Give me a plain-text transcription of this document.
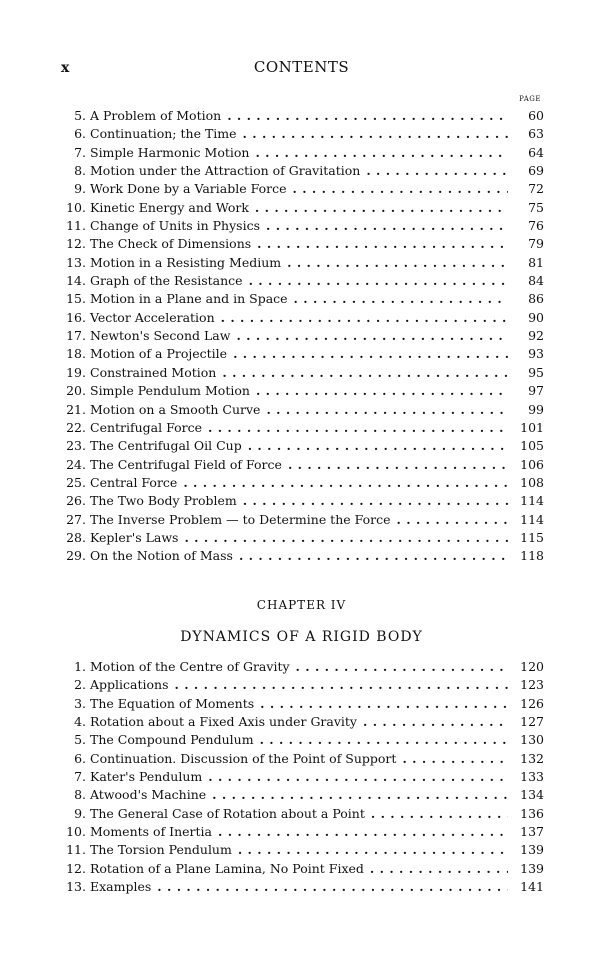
x	CONTENTS
PAGE
5. A Problem of Motion . . .	60
6. Continuation; the Time . . .	63
7. Simple Harmonic Motion . . .	64
8. Motion under the Attraction of Gravitation . . .	69
9. Work Done by a Variable Force . . .	72
10. Kinetic Energy and Work . . .	75
11. Change of Units in Physics . . .	76
12. The Check of Dimensions . . .	79
13. Motion in a Resisting Medium . . .	81
14. Graph of the Resistance . . .	84
15. Motion in a Plane and in Space . . .	86
16. Vector Acceleration . . .	90
17. Newton's Second Law . . .	92
18. Motion of a Projectile . . .	93
19. Constrained Motion . . .	95
20. Simple Pendulum Motion . . .	97
21. Motion on a Smooth Curve . . .	99
22. Centrifugal Force . . .	101
23. The Centrifugal Oil Cup . . .	105
24. The Centrifugal Field of Force . . .	106
25. Central Force . . .	108
26. The Two Body Problem . . .	114
27. The Inverse Problem — to Determine the Force . . .	114
28. Kepler's Laws . . .	115
29. On the Notion of Mass . . .	118
CHAPTER IV
DYNAMICS OF A RIGID BODY
1. Motion of the Centre of Gravity . . .	120
2. Applications . . .	123
3. The Equation of Moments . . .	126
4. Rotation about a Fixed Axis under Gravity . . .	127
5. The Compound Pendulum . . .	130
6. Continuation. Discussion of the Point of Support . . .	132
7. Kater's Pendulum . . .	133
8. Atwood's Machine . . .	134
9. The General Case of Rotation about a Point . . .	136
10. Moments of Inertia . . .	137
11. The Torsion Pendulum . . .	139
12. Rotation of a Plane Lamina, No Point Fixed . . .	139
13. Examples . . .	141
